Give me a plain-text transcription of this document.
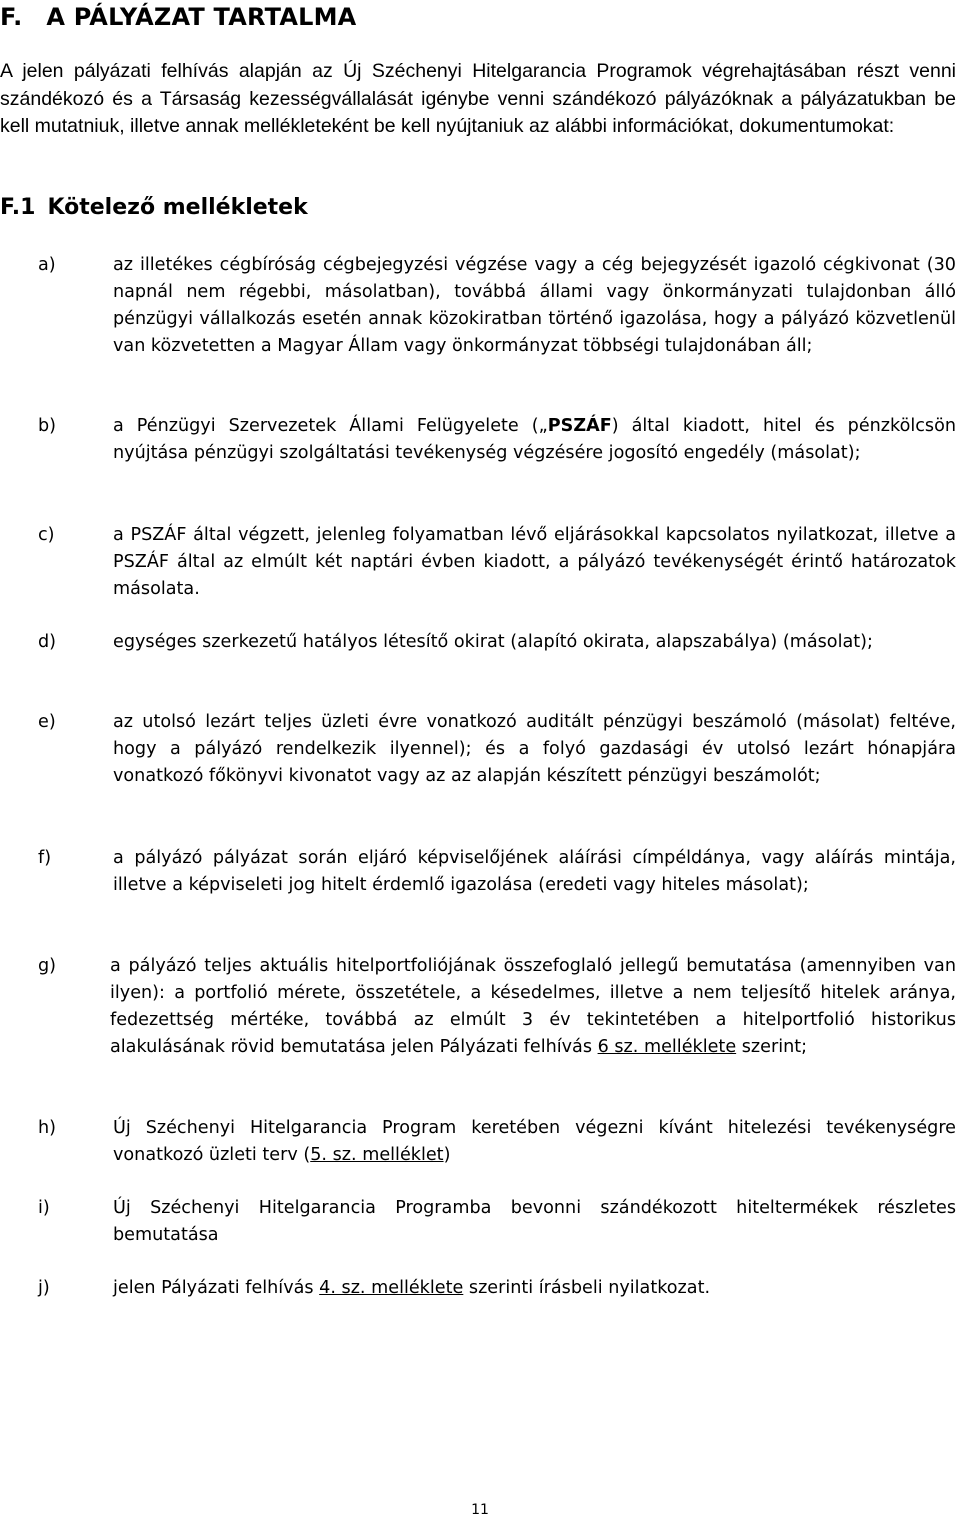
F. A PÁLYÁZAT TARTALMA

A jelen pályázati felhívás alapján az Új Széchenyi Hitelgarancia Programok végrehajtásában részt venni szándékozó és a Társaság kezességvállalását igénybe venni szándékozó pályázóknak a pályázatukban be kell mutatniuk, illetve annak mellékleteként be kell nyújtaniuk az alábbi információkat, dokumentumokat:

F.1 Kötelező mellékletek
a)	az illetékes cégbíróság cégbejegyzési végzése vagy a cég bejegyzését igazoló cégkivonat (30 napnál nem régebbi, másolatban), továbbá állami vagy önkormányzati tulajdonban álló pénzügyi vállalkozás esetén annak közokiratban történő igazolása, hogy a pályázó közvetlenül van közvetetten a Magyar Állam vagy önkormányzat többségi tulajdonában áll;

b)	a Pénzügyi Szervezetek Állami Felügyelete („PSZÁF) által kiadott, hitel és pénzkölcsön nyújtása pénzügyi szolgáltatási tevékenység végzésére jogosító engedély (másolat);

c)	a PSZÁF által végzett, jelenleg folyamatban lévő eljárásokkal kapcsolatos nyilatkozat, illetve a PSZÁF által az elmúlt két naptári évben kiadott, a pályázó tevékenységét érintő határozatok másolata.

d)	egységes szerkezetű hatályos létesítő okirat (alapító okirata, alapszabálya) (másolat);

e)	az utolsó lezárt teljes üzleti évre vonatkozó auditált pénzügyi beszámoló (másolat) feltéve, hogy a pályázó rendelkezik ilyennel); és a folyó gazdasági év utolsó lezárt hónapjára vonatkozó főkönyvi kivonatot vagy az az alapján készített pénzügyi beszámolót;

f)	a pályázó pályázat során eljáró képviselőjének aláírási címpéldánya, vagy aláírás mintája, illetve a képviseleti jog hitelt érdemlő igazolása (eredeti vagy hiteles másolat);

g)	a pályázó teljes aktuális hitelportfoliójának összefoglaló jellegű bemutatása (amennyiben van ilyen): a portfolió mérete, összetétele, a késedelmes, illetve a nem teljesítő hitelek aránya, fedezettség mértéke, továbbá az elmúlt 3 év tekintetében a hitelportfolió historikus alakulásának rövid bemutatása jelen Pályázati felhívás 6 sz. melléklete szerint;

h)	Új Széchenyi Hitelgarancia Program keretében végezni kívánt hitelezési tevékenységre vonatkozó üzleti terv (5. sz. melléklet)

i)	Új Széchenyi Hitelgarancia Programba bevonni szándékozott hiteltermékek részletes bemutatása

j)	jelen Pályázati felhívás 4. sz. melléklete szerinti írásbeli nyilatkozat.

11
